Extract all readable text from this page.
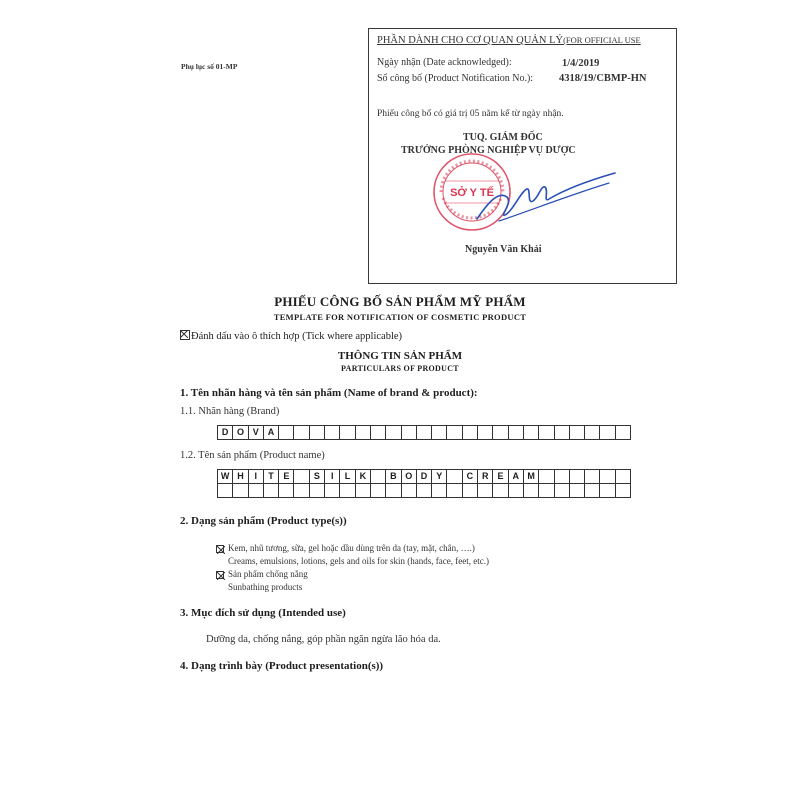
Phụ lục số 01-MP
PHẦN DÀNH CHO CƠ QUAN QUẢN LÝ(FOR OFFICIAL USE
Ngày nhận (Date acknowledged):	1/4/2019
Số công bố (Product Notification No.): 4318/19/CBMP-HN
Phiếu công bố có giá trị 05 năm kể từ ngày nhận.
SỞ Y TẾ
TUQ. GIÁM ĐỐC
TRƯỞNG PHÒNG NGHIỆP VỤ DƯỢC
Nguyễn Văn Khải
PHIẾU CÔNG BỐ SẢN PHẨM MỸ PHẨM
TEMPLATE FOR NOTIFICATION OF COSMETIC PRODUCT
Đánh dấu vào ô thích hợp (Tick where applicable)
THÔNG TIN SẢN PHẨM
PARTICULARS OF PRODUCT
1. Tên nhãn hàng và tên sản phẩm (Name of brand & product):
1.1. Nhãn hàng (Brand)
D	O	V	A																							
1.2. Tên sản phẩm (Product name)
W	H	I	T	E		S	I	L	K		B	O	D	Y		C	R	E	A	M						

2. Dạng sản phẩm (Product type(s))
Kem, nhũ tương, sữa, gel hoặc dầu dùng trên da (tay, mặt, chân, ….)
Creams, emulsions, lotions, gels and oils for skin (hands, face, feet, etc.)
Sản phẩm chống nắng
Sunbathing products
3. Mục đích sử dụng (Intended use)
Dưỡng da, chống nắng, góp phần ngăn ngừa lão hóa da.
4. Dạng trình bày (Product presentation(s))
